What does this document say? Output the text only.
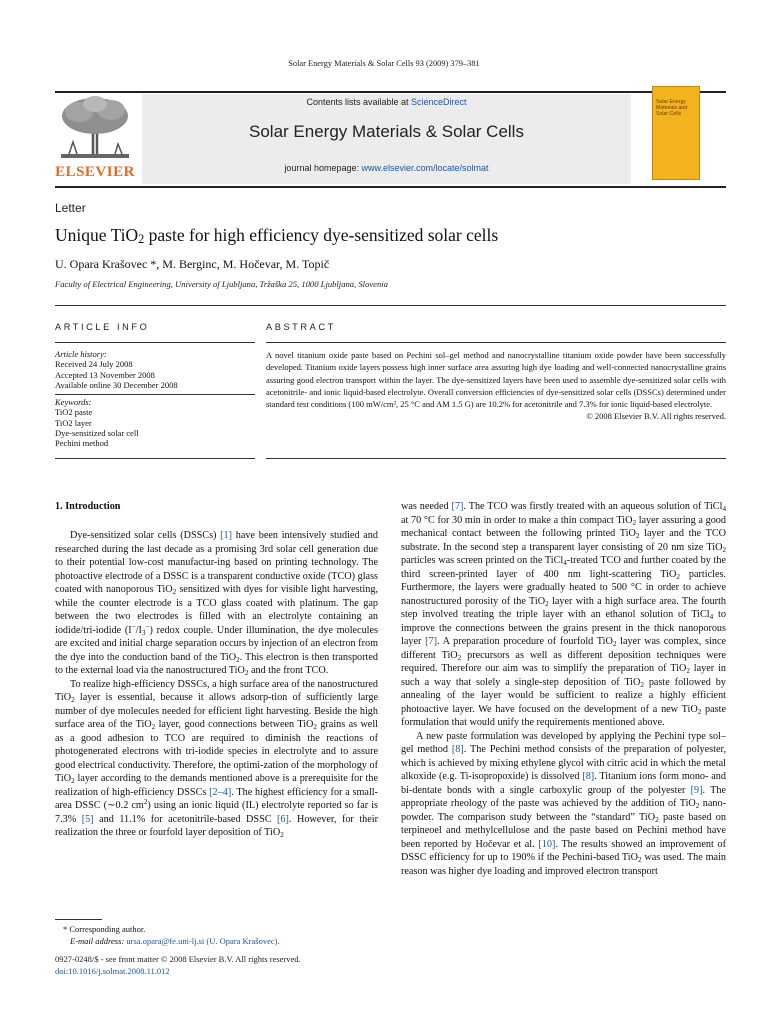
Solar Energy Materials & Solar Cells 93 (2009) 379–381
ELSEVIER
Contents lists available at ScienceDirect
Solar Energy Materials & Solar Cells
journal homepage: www.elsevier.com/locate/solmat
Solar Energy Materials and Solar Cells
Letter
Unique TiO$_2$ paste for high efficiency dye-sensitized solar cells
U. Opara Krašovec *, M. Berginc, M. Hočevar, M. Topič
Faculty of Electrical Engineering, University of Ljubljana, Tržaška 25, 1000 Ljubljana, Slovenia
ARTICLE INFO	ABSTRACT
Article history:
Received 24 July 2008
Accepted 13 November 2008
Available online 30 December 2008
Keywords:
TiO2 paste
TiO2 layer
Dye-sensitized solar cell
Pechini method
A novel titanium oxide paste based on Pechini sol–gel method and nanocrystalline titanium oxide powder have been successfully developed. Titanium oxide layers possess high inner surface area assuring high dye loading and well-connected nanocrystalline grains assuring good electron transport within the layer. The dye-sensitized layers have been used to assemble dye-sensitized solar cells with acetonitrile- and ionic liquid-based electrolyte. Overall conversion efficiencies of dye-sensitized solar cells (DSSCs) determined under standard test conditions (100 mW/cm², 25 °C and AM 1.5 G) are 10.2% for acetonitrile and 7.3% for ionic liquid-based electrolyte.
© 2008 Elsevier B.V. All rights reserved.
1. Introduction

Dye-sensitized solar cells (DSSCs) [1] have been intensively studied and researched during the last decade as a promising 3rd solar cell generation due to their potential low-cost manufactur-ing based on printing technology. The photoactive electrode of a DSSC is a transparent conductive oxide (TCO) glass coated with nanoporous TiO$_2$ sensitized with dyes for visible light harvesting, while the counter electrode is a TCO glass coated with platinum. The gap between the two electrodes is filled with an electrolyte containing an iodide/tri-iodide $(I^-/I_3^-)$ redox couple. Under illumination, the dye molecules are excited and initial charge separation occurs by injection of an electron from the dye into the conduction band of the TiO$_2$. This electron is then transported to the external load via the nanostructured TiO$_2$ and the front TCO.

To realize high-efficiency DSSCs, a high surface area of the nanostructured TiO$_2$ layer is essential, because it allows adsorp-tion of sufficiently large number of dye molecules needed for efficient light harvesting. Beside the high surface area of the TiO$_2$ layer, good connections between TiO$_2$ grains as well as a good adhesion to TCO are required to diminish the reactions of photogenerated electrons with tri-iodide species in electrolyte and to assure good electrical conductivity. Therefore, the optimi-zation of the morphology of TiO$_2$ layer according to the demands mentioned above is a prerequisite for the realization of high-efficiency DSSCs [2–4]. The highest efficiency for a small-area DSSC (∼0.2 $cm^2$) using an ionic liquid (IL) electrolyte reported so far is 7.3% [5] and 11.1% for acetonitrile-based DSSC [6]. However, for their realization the three or fourfold layer deposition of TiO$_2$

was needed [7]. The TCO was firstly treated with an aqueous solution of TiCl$_4$ at 70 °C for 30 min in order to make a thin compact TiO$_2$ layer assuring a good mechanical contact between the following printed TiO$_2$ layer and the TCO substrate. In the second step a transparent layer consisting of 20 nm size TiO$_2$ particles was screen printed on the TiCl$_4$-treated TCO and further coated by the third screen-printed layer of 400 nm light-scattering TiO$_2$ particles. Furthermore, the layers were gradually heated to 500 °C in order to achieve nanostructured porosity of the TiO$_2$ layer with a high surface area. The fourth step involved treating the triple layer with an ethanol solution of TiCl$_4$ to improve the connections between the grains present in the thick nanoporous layer [7]. A preparation procedure of fourfold TiO$_2$ layer was complex, since different TiO$_2$ precursors as well as different deposition techniques were required. Therefore our aim was to simplify the preparation of TiO$_2$ layer in such a way that solely a single-step deposition of TiO$_2$ paste followed by annealing of the layer would be sufficient to realize a highly efficient photoactive layer. We have focused on the development of a new TiO$_2$ paste formulation that would unify the requirements mentioned above.

A new paste formulation was developed by applying the Pechini type sol–gel method [8]. The Pechini method consists of the preparation of polyester, which is achieved by mixing ethylene glycol with citric acid in which the metal alkoxide (e.g. Ti-isopropoxide) is dissolved [8]. Titanium ions form mono- and bi-dentate bonds with a single carboxylic group of the polyester [9]. The appropriate rheology of the paste was achieved by the addition of TiO$_2$ nano-powder. The comparison study between the “standard” TiO$_2$ paste based on terpineoel and methylcellulose and the paste based on Pechini method have been reported by Hočevar et al. [10]. The results showed an improvement of DSSC efficiency for up to 190% if the Pechini-based TiO$_2$ was used. The main reason was higher dye loading and improved electron transport

* Corresponding author.
E-mail address: ursa.opara@fe.uni-lj.si (U. Opara Krašovec).
0927-0248/$ - see front matter © 2008 Elsevier B.V. All rights reserved.
doi:10.1016/j.solmat.2008.11.012
